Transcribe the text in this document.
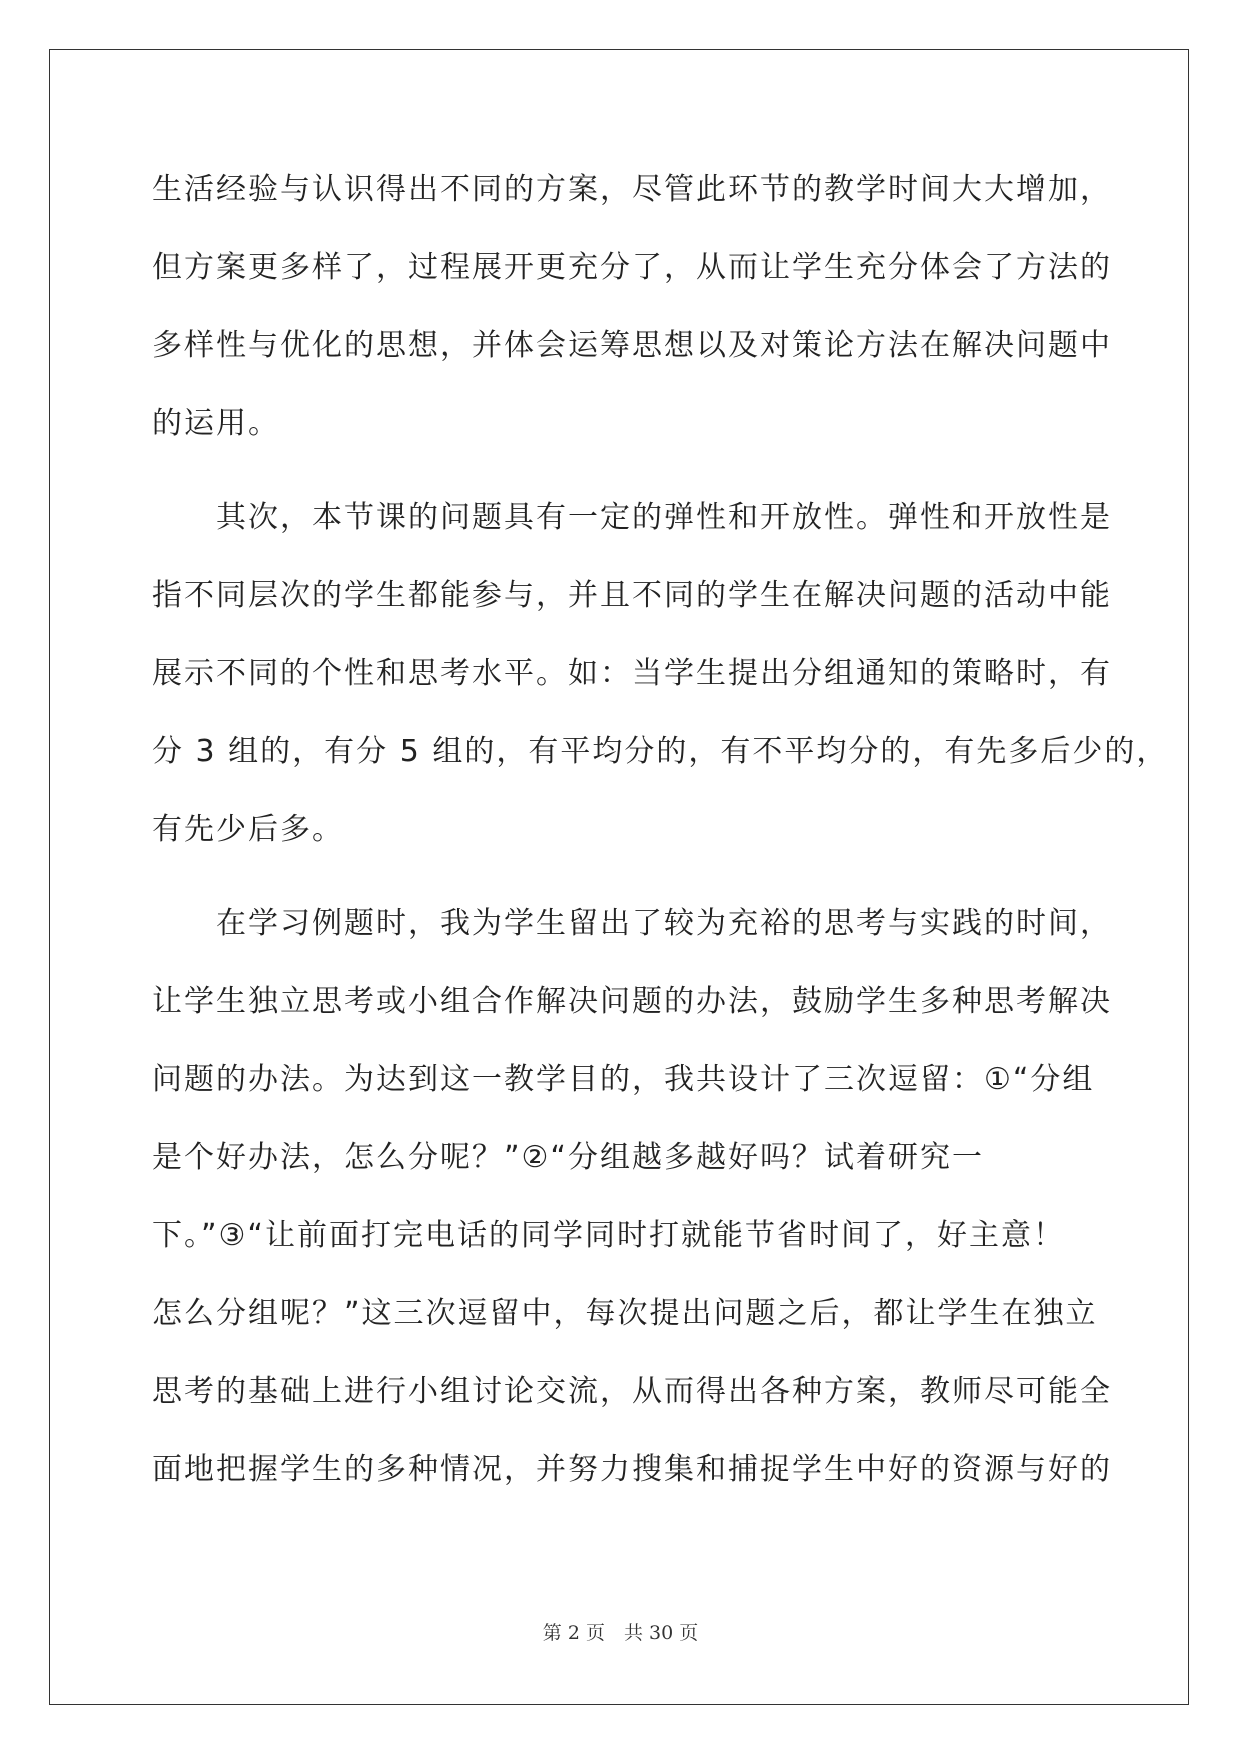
生活经验与认识得出不同的方案，尽管此环节的教学时间大大增加，
但方案更多样了，过程展开更充分了，从而让学生充分体会了方法的
多样性与优化的思想，并体会运筹思想以及对策论方法在解决问题中
的运用。
　　其次，本节课的问题具有一定的弹性和开放性。弹性和开放性是
指不同层次的学生都能参与，并且不同的学生在解决问题的活动中能
展示不同的个性和思考水平。如：当学生提出分组通知的策略时，有
分 3 组的，有分 5 组的，有平均分的，有不平均分的，有先多后少的，
有先少后多。
　　在学习例题时，我为学生留出了较为充裕的思考与实践的时间，
让学生独立思考或小组合作解决问题的办法，鼓励学生多种思考解决
问题的办法。为达到这一教学目的，我共设计了三次逗留：①“分组
是个好办法，怎么分呢？”②“分组越多越好吗？试着研究一
下。”③“让前面打完电话的同学同时打就能节省时间了，好主意！
怎么分组呢？”这三次逗留中，每次提出问题之后，都让学生在独立
思考的基础上进行小组讨论交流，从而得出各种方案，教师尽可能全
面地把握学生的多种情况，并努力搜集和捕捉学生中好的资源与好的
第 2 页　共 30 页
